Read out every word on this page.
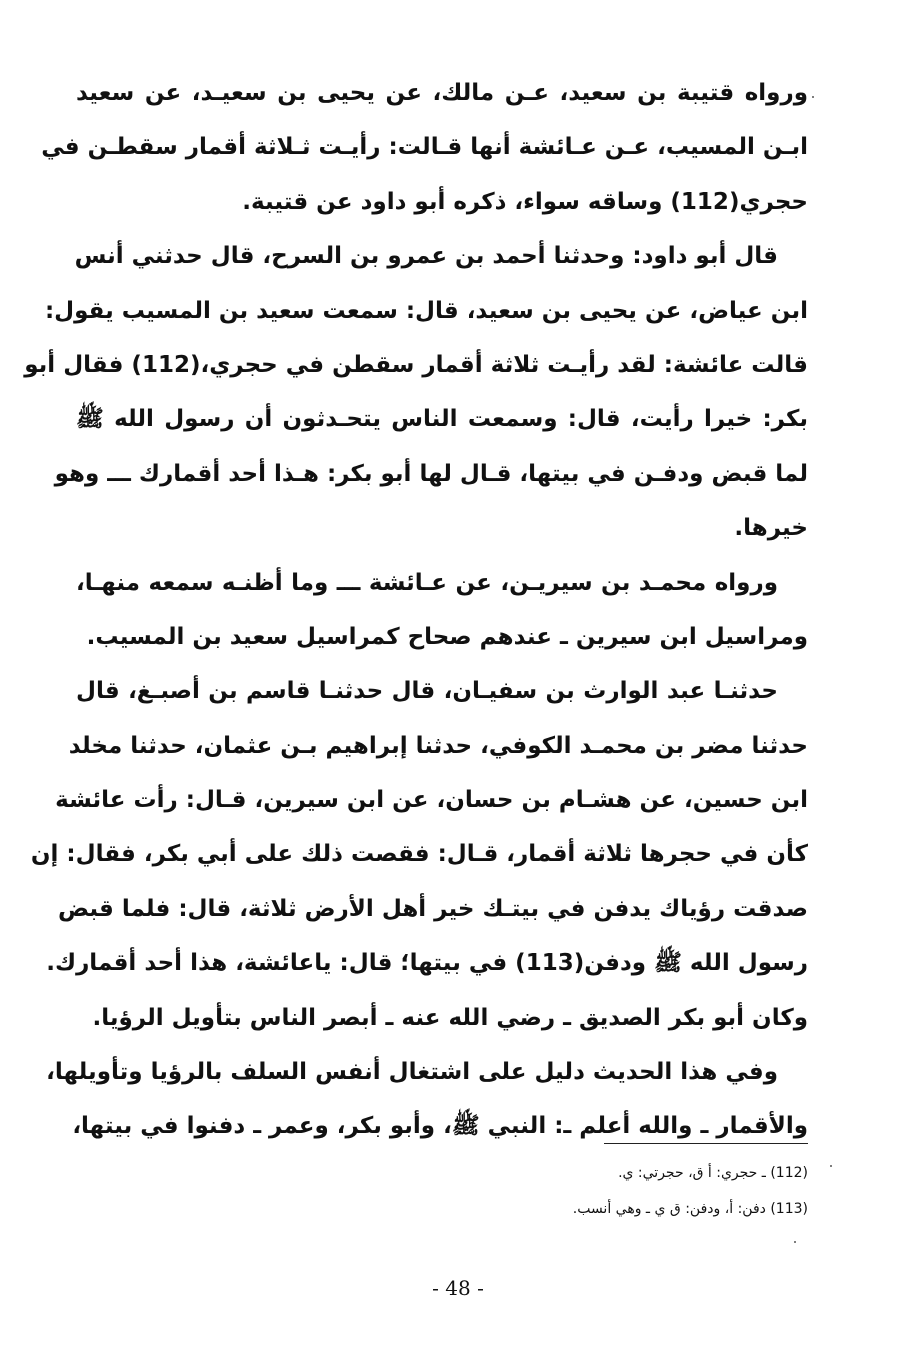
ورواه قتيبة بن سعيد، عـن مالك، عن يحيى بن سعيـد، عن سعيد
ابـن المسيب، عـن عـائشة أنها قـالت: رأيـت ثـلاثة أقمار سقطـن في
حجري(112) وساقه سواء، ذكره أبو داود عن قتيبة.
قال أبو داود: وحدثنا أحمد بن عمرو بن السرح، قال حدثني أنس
ابن عياض، عن يحيى بن سعيد، قال: سمعت سعيد بن المسيب يقول:
قالت عائشة: لقد رأيـت ثلاثة أقمار سقطن في حجري،(112) فقال أبو
بكر: خيرا رأيت، قال: وسمعت الناس يتحـدثون أن رسول الله ﷺ
لما قبض ودفـن في بيتها، قـال لها أبو بكر: هـذا أحد أقمارك ـــ وهو
خيرها.
ورواه محمـد بن سيريـن، عن عـائشة ـــ وما أظنـه سمعه منهـا،
ومراسيل ابن سيرين ـ عندهم صحاح كمراسيل سعيد بن المسيب.
حدثنـا عبد الوارث بن سفيـان، قال حدثنـا قاسم بن أصبـغ، قال
حدثنا مضر بن محمـد الكوفي، حدثنا إبراهيم بـن عثمان، حدثنا مخلد
ابن حسين، عن هشـام بن حسان، عن ابن سيرين، قـال: رأت عائشة
كأن في حجرها ثلاثة أقمار، قـال: فقصت ذلك على أبي بكر، فقال: إن
صدقت رؤياك يدفن في بيتـك خير أهل الأرض ثلاثة، قال: فلما قبض
رسول الله ﷺ ودفن(113) في بيتها؛ قال: ياعائشة، هذا أحد أقمارك.
وكان أبو بكر الصديق ـ رضي الله عنه ـ أبصر الناس بتأويل الرؤيا.
وفي هذا الحديث دليل على اشتغال أنفس السلف بالرؤيا وتأويلها،
والأقمار ـ والله أعلم ـ: النبي ﷺ، وأبو بكر، وعمر ـ دفنوا في بيتها،
(112) ـ حجري: أ ق، حجرتي: ي.
(113) دفن: أ، ودفن: ق ي ـ وهي أنسب.
- 48 -
